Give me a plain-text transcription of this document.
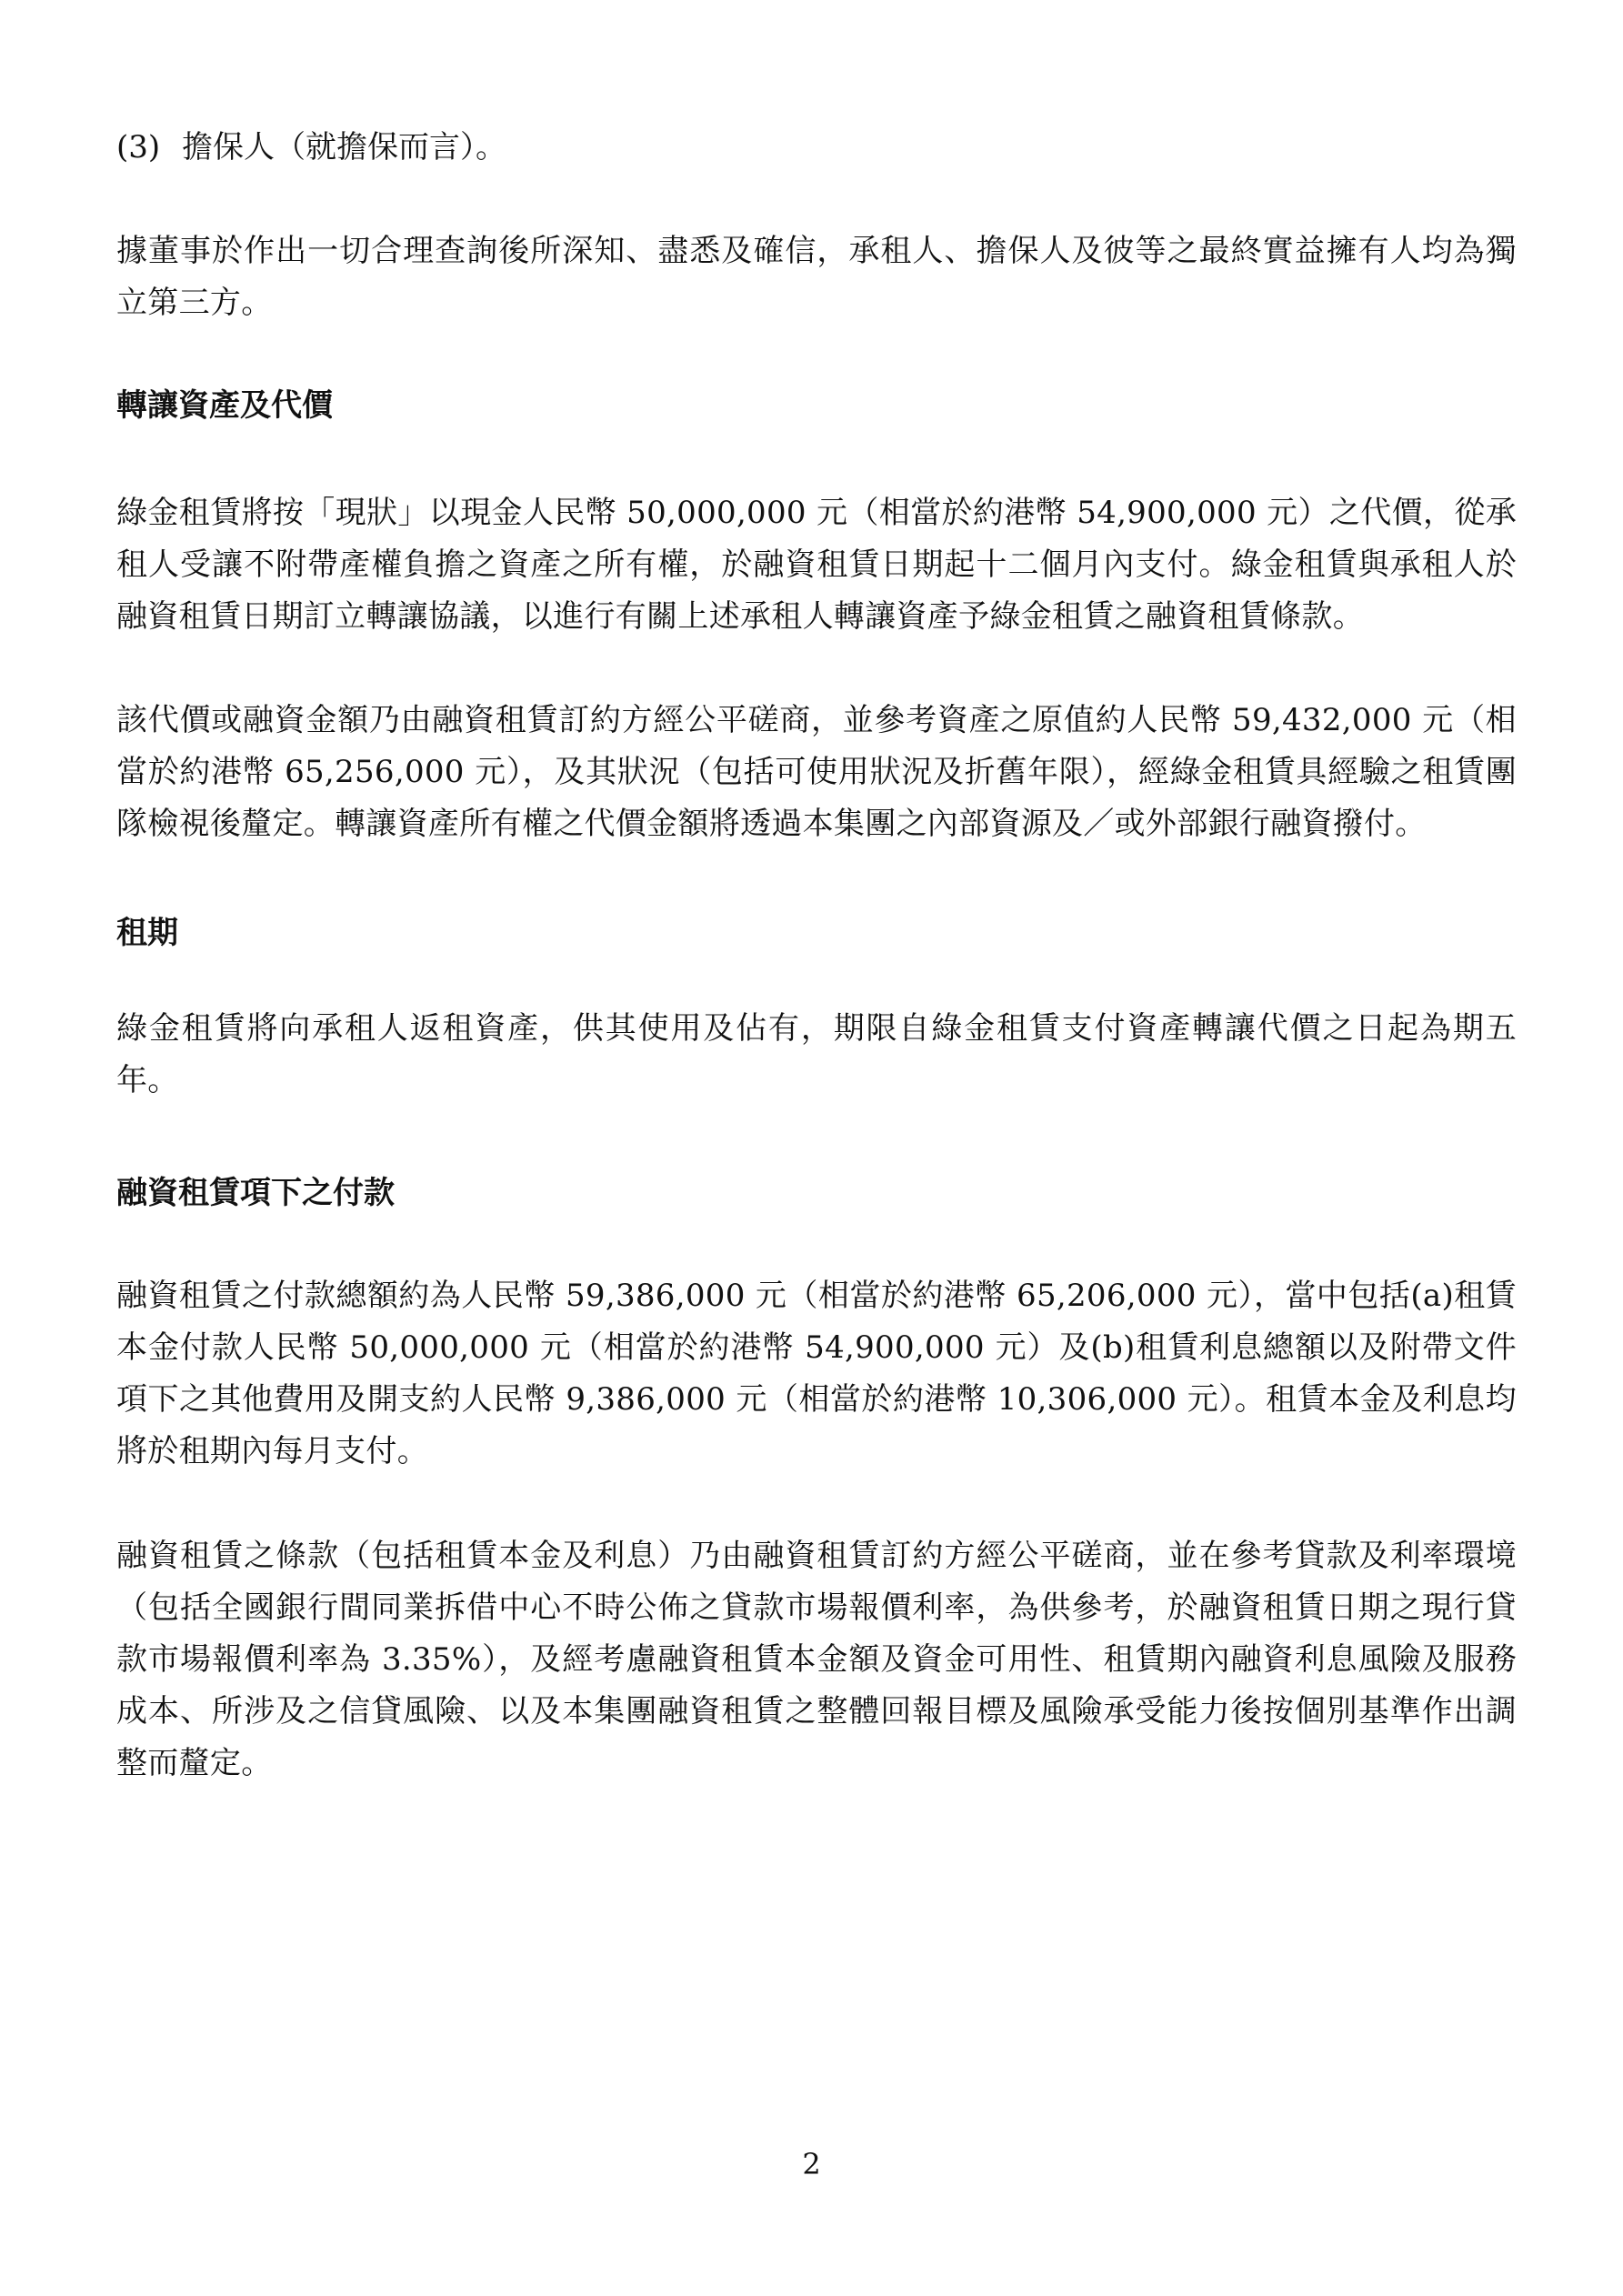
(3) 擔保人（就擔保而言）。

據董事於作出一切合理查詢後所深知、盡悉及確信，承租人、擔保人及彼等之最終實益擁有人均為獨立第三方。

轉讓資產及代價

綠金租賃將按「現狀」以現金人民幣 50,000,000 元（相當於約港幣 54,900,000 元）之代價，從承租人受讓不附帶產權負擔之資產之所有權，於融資租賃日期起十二個月內支付。綠金租賃與承租人於融資租賃日期訂立轉讓協議，以進行有關上述承租人轉讓資產予綠金租賃之融資租賃條款。

該代價或融資金額乃由融資租賃訂約方經公平磋商，並參考資產之原值約人民幣 59,432,000 元（相當於約港幣 65,256,000 元），及其狀況（包括可使用狀況及折舊年限），經綠金租賃具經驗之租賃團隊檢視後釐定。轉讓資產所有權之代價金額將透過本集團之內部資源及／或外部銀行融資撥付。

租期

綠金租賃將向承租人返租資產，供其使用及佔有，期限自綠金租賃支付資產轉讓代價之日起為期五年。

融資租賃項下之付款

融資租賃之付款總額約為人民幣 59,386,000 元（相當於約港幣 65,206,000 元），當中包括(a)租賃本金付款人民幣 50,000,000 元（相當於約港幣 54,900,000 元）及(b)租賃利息總額以及附帶文件項下之其他費用及開支約人民幣 9,386,000 元（相當於約港幣 10,306,000 元）。租賃本金及利息均將於租期內每月支付。

融資租賃之條款（包括租賃本金及利息）乃由融資租賃訂約方經公平磋商，並在參考貸款及利率環境（包括全國銀行間同業拆借中心不時公佈之貸款市場報價利率，為供參考，於融資租賃日期之現行貸款市場報價利率為 3.35%），及經考慮融資租賃本金額及資金可用性、租賃期內融資利息風險及服務成本、所涉及之信貸風險、以及本集團融資租賃之整體回報目標及風險承受能力後按個別基準作出調整而釐定。

2
